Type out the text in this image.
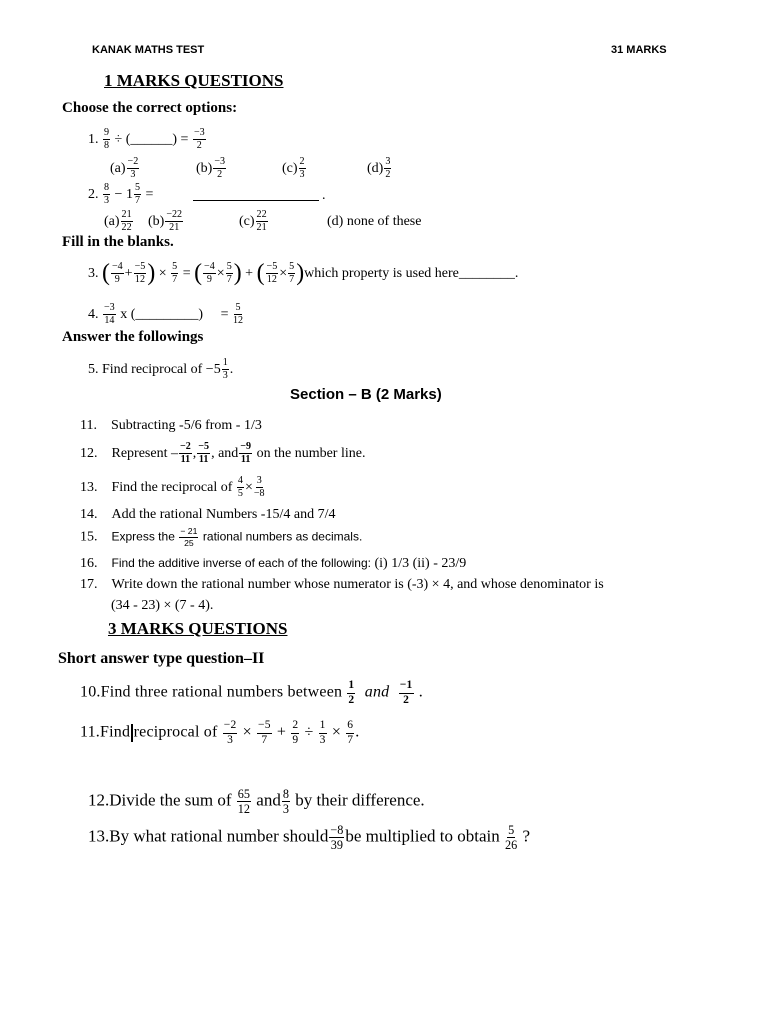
KANAK MATHS TEST	31 MARKS
1 MARKS QUESTIONS
Choose the correct options:
1. $\frac{9}{8}$ ÷ (______) = $\frac{-3}{2}$
$(a) \frac{-2}{3}$	$(b) \frac{-3}{2}$	$(c) \frac{2}{3}$	$(d) \frac{3}{2}$
2. $\frac{8}{3} - 1 \frac{5}{7}$ =	.
$(a) \frac{21}{22} (b) \frac{-22}{21}$	$(c) \frac{22}{21}$	(d) none of these
Fill in the blanks.
3. ( $\frac{-4}{9} + \frac{-5}{12}$ ) × $\frac{5}{7}$ = ( $\frac{-4}{9} \times \frac{5}{7}$ ) + ( $\frac{-5}{12} \times \frac{5}{7}$ )which property is used here________.
4. $\frac{-3}{14}$ x (_________) = $\frac{5}{12}$
Answer the followings
5. Find reciprocal of $-5 \frac{1}{3}$ .
Section – B (2 Marks)
11. Subtracting -5/6 from - 1/3
12. Represent – $\frac{-2}{11}$ , $\frac{-5}{11}$ , and $\frac{-9}{11}$ on the number line.
13. Find the reciprocal of $\frac{4}{5} \times \frac{3}{-8}$
14. Add the rational Numbers -15/4 and 7/4
15. Express the $\frac{- 21}{25}$ rational numbers as decimals.
16. Find the additive inverse of each of the following: (i) 1/3 (ii) - 23/9
17. Write down the rational number whose numerator is (-3) × 4, and whose denominator is
(34 - 23) × (7 - 4).
3 MARKS QUESTIONS
Short answer type question–II
10.Find three rational numbers between $\frac{1}{2}$ and $\frac{-1}{2}$ .
11.Find reciprocal of $\frac{-2}{3} \times \frac{-5}{7} + \frac{2}{9} \div \frac{1}{3} \times \frac{6}{7}$ .
12.Divide the sum of $\frac{65}{12}$ and $\frac{8}{3}$ by their difference.
13.By what rational number should $\frac{-8}{39}$ be multiplied to obtain $\frac{5}{26}$ ?
